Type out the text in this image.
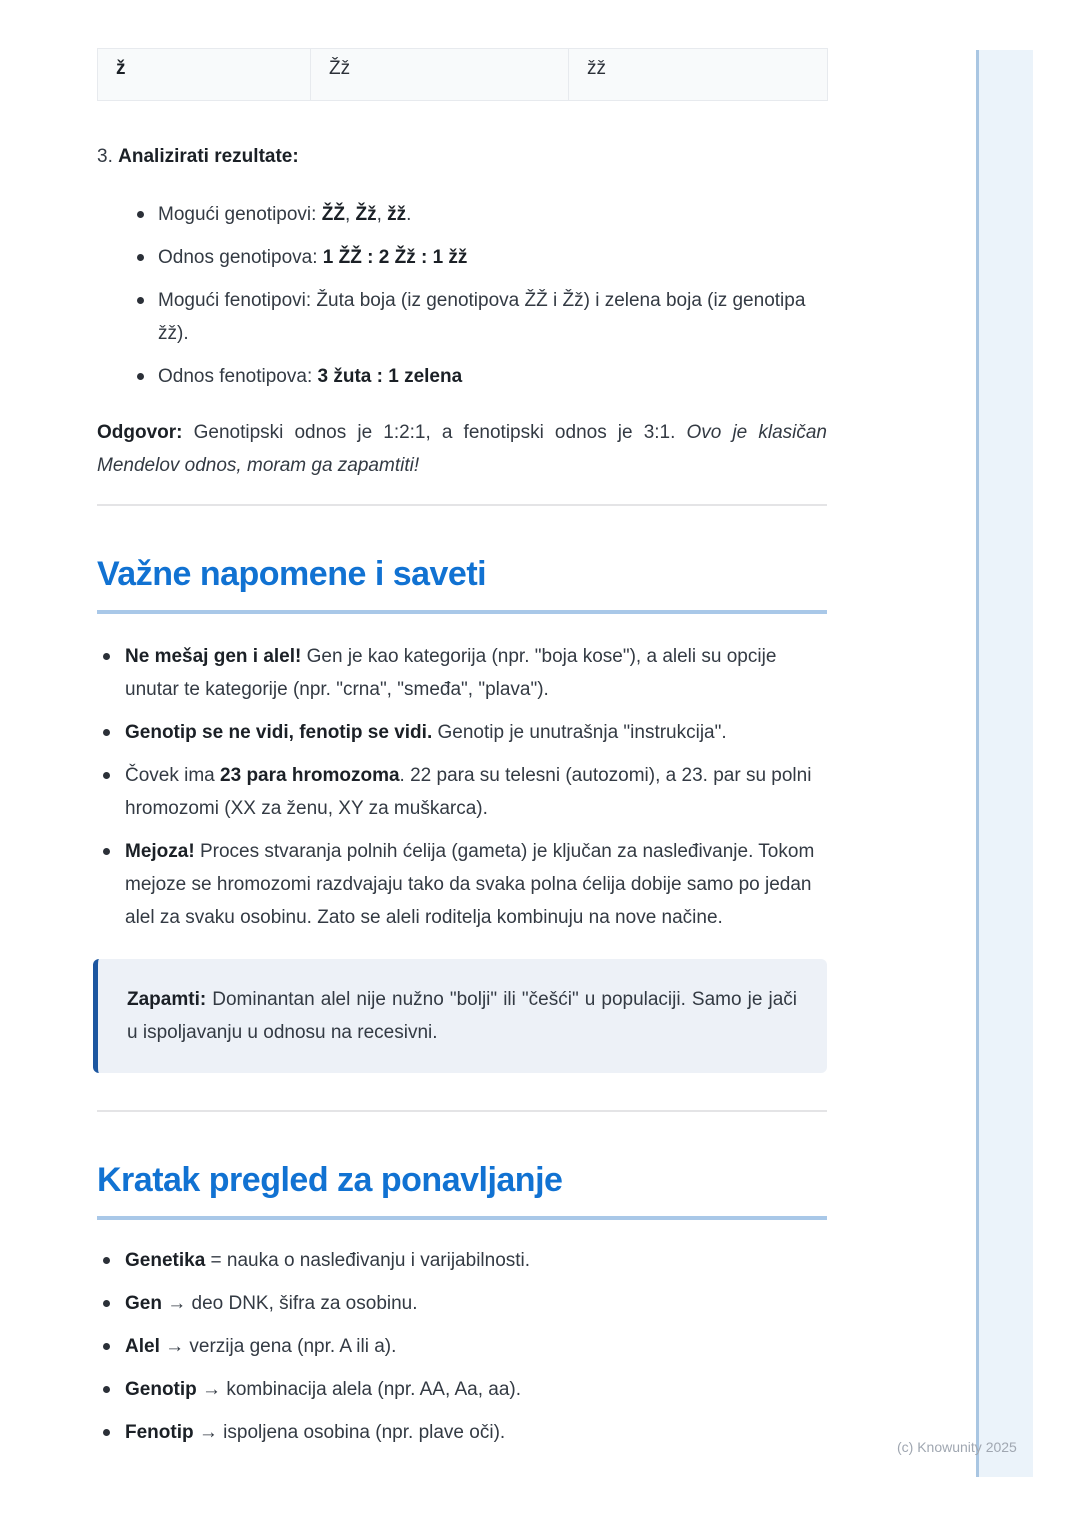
(c) Knowunity 2025
ž	Žž	žž

3. Analizirati rezultate:

Mogući genotipovi: ŽŽ, Žž, žž.
Odnos genotipova: 1 ŽŽ : 2 Žž : 1 žž
Mogući fenotipovi: Žuta boja (iz genotipova ŽŽ i Žž) i zelena boja (iz genotipa žž).
Odnos fenotipova: 3 žuta : 1 zelena

Odgovor: Genotipski odnos je 1:2:1, a fenotipski odnos je 3:1. Ovo je klasičan Mendelov odnos, moram ga zapamtiti!

Važne napomene i saveti
Ne mešaj gen i alel! Gen je kao kategorija (npr. "boja kose"), a aleli su opcije unutar te kategorije (npr. "crna", "smeđa", "plava").
Genotip se ne vidi, fenotip se vidi. Genotip je unutrašnja "instrukcija".
Čovek ima 23 para hromozoma. 22 para su telesni (autozomi), a 23. par su polni hromozomi (XX za ženu, XY za muškarca).
Mejoza! Proces stvaranja polnih ćelija (gameta) je ključan za nasleđivanje. Tokom mejoze se hromozomi razdvajaju tako da svaka polna ćelija dobije samo po jedan alel za svaku osobinu. Zato se aleli roditelja kombinuju na nove načine.

Zapamti: Dominantan alel nije nužno "bolji" ili "češći" u populaciji. Samo je jači u ispoljavanju u odnosu na recesivni.

Kratak pregled za ponavljanje
Genetika = nauka o nasleđivanju i varijabilnosti.
Gen → deo DNK, šifra za osobinu.
Alel → verzija gena (npr. A ili a).
Genotip → kombinacija alela (npr. AA, Aa, aa).
Fenotip → ispoljena osobina (npr. plave oči).
